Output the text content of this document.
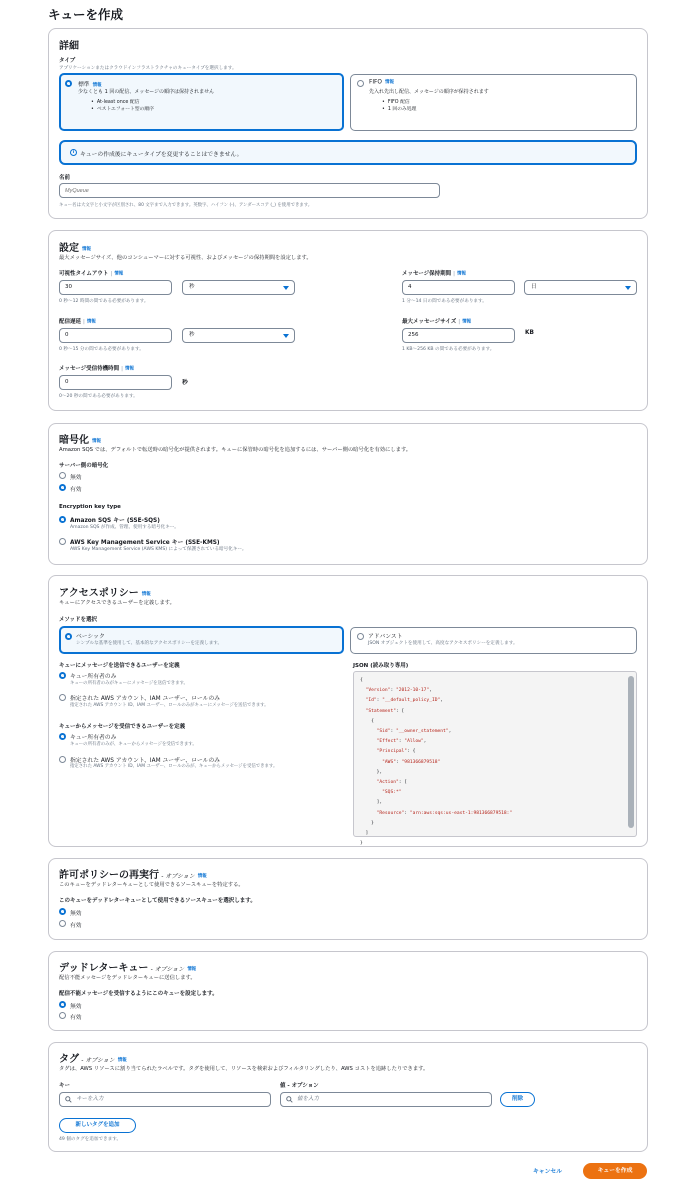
キューを作成
詳細
タイプ
アプリケーションまたはクラウドインフラストラクチャのキュータイプを選択します。
標準 情報
少なくとも 1 回の配信、メッセージの順序は保持されません
• At-least once 配信
• ベストエフォート型の順序
FIFO 情報
先入れ先出し配信、メッセージの順序が保持されます
• FIFO 配信
• 1 回のみ処理
i キューの作成後にキュータイプを変更することはできません。
名前
MyQueue
キュー名は大文字と小文字が区別され、80 文字まで入力できます。英数字、ハイフン (-)、アンダースコア (_) を使用できます。
設定 情報
最大メッセージサイズ、他のコンシューマーに対する可視性、およびメッセージの保持期間を設定します。
可視性タイムアウト | 情報
30	秒
0 秒〜12 時間の間である必要があります。
メッセージ保持期間 | 情報
4	日
1 分〜14 日の間である必要があります。
配信遅延 | 情報
0	秒
0 秒〜15 分の間である必要があります。
最大メッセージサイズ | 情報
256	KB
1 KB〜256 KB の間である必要があります。
メッセージ受信待機時間 | 情報
0	秒
0〜20 秒の間である必要があります。
暗号化 情報
Amazon SQS では、デフォルトで転送時の暗号化が提供されます。キューに保管時の暗号化を追加するには、サーバー側の暗号化を有効にします。
サーバー側の暗号化
無効
有効
Encryption key type
Amazon SQS キー (SSE-SQS)
Amazon SQS が作成、管理、使用する暗号化キー。
AWS Key Management Service キー (SSE-KMS)
AWS Key Management Service (AWS KMS) によって保護されている暗号化キー。
アクセスポリシー 情報
キューにアクセスできるユーザーを定義します。
メソッドを選択
ベーシック
シンプルな基準を使用して、基本的なアクセスポリシーを定義します。
アドバンスト
JSON オブジェクトを使用して、高度なアクセスポリシーを定義します。
キューにメッセージを送信できるユーザーを定義
キュー所有者のみ
キューの所有者のみがキューにメッセージを送信できます。
指定された AWS アカウント、IAM ユーザー、ロールのみ
指定された AWS アカウント ID、IAM ユーザー、ロールのみがキューにメッセージを送信できます。
キューからメッセージを受信できるユーザーを定義
キュー所有者のみ
キューの所有者のみが、キューからメッセージを受信できます。
指定された AWS アカウント、IAM ユーザー、ロールのみ
指定された AWS アカウント ID、IAM ユーザー、ロールのみが、キューからメッセージを受信できます。
JSON (読み取り専用)
{
"Version": "2012-10-17",
"Id": "__default_policy_ID",
"Statement": [
{
"Sid": "__owner_statement",
"Effect": "Allow",
"Principal": {
"AWS": "981366879518"
},
"Action": [
"SQS:*"
],
"Resource": "arn:aws:sqs:us-east-1:981366879518:"
}
]
}
許可ポリシーの再実行 - オプション 情報
このキューをデッドレターキューとして使用できるソースキューを特定する。
このキューをデッドレターキューとして使用できるソースキューを選択します。
無効
有効
デッドレターキュー - オプション 情報
配信不能メッセージをデッドレターキューに送信します。
配信不能メッセージを受信するようにこのキューを設定します。
無効
有効
タグ - オプション 情報
タグは、AWS リソースに割り当てられたラベルです。タグを使用して、リソースを検索およびフィルタリングしたり、AWS コストを追跡したりできます。
キー	値 - オプション
キーを入力	値を入力	削除
新しいタグを追加
49 個のタグを追加できます。
キャンセル	キューを作成
